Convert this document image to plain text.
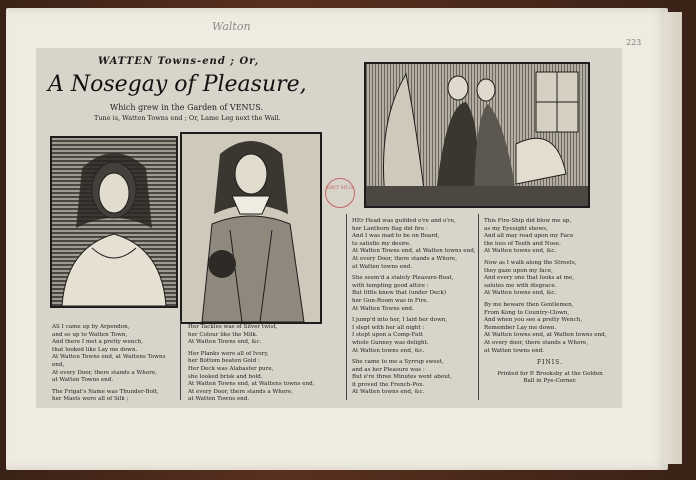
Walton
223
WATTEN Towns-end ; Or,
A Nosegay of Pleasure,
Which grew in the Garden of VENUS.
Tune is, Watten Towns end ; Or, Lame Leg next the Wall.
BRIT MUS

AS I came up by Arpendon,
and so up to Watten Town,
And there I met a pretty wench,
that looked like Lay me down.
At Watten Towns end, at Wattens Towns end,
At every Door, there stands a Whore,
at Watten Towns end.

The Frigat's Name was Thunder-Bolt,
her Masts were all of Silk ;

Her Tackles was of Silver twist,
her Colour like the Milk.
At Watten Towns end, &c.

Her Planks were all of Ivory,
her Bottom beaten Gold :
Her Deck was Alabaster pure,
she looked brisk and bold.
At Watten Towns end, at Wattens towns end,
At every Door, there stands a Whore,
at Watten Towns end.

HEr Head was guilded o're and o're,
her Lanthorn flag did fire :
And I was mad to be on Board,
to satisfie my desire.
At Watten Towns end, at Watten towns end,
At every Door, there stands a Whore,
at Watten towns end.

She seem'd a stately Pleasure-Boat,
with tempting good attire :
But little knew that (under Deck)
her Gun-Room was in Fire.
At Watten Towns end.

I jump'd into her, I laid her down,
I slept with her all night :
I stept upon a Comp-Fatt
whole Gunney was delight.
At Watten towns end, &c.

She came to me a Syrrup sweet,
and as her Pleasure was :
But e're three Minutes went about,
it proved the French-Pox.
At Watten towns end, &c.

This Fire-Ship did blow me up,
as my Eyesight shows,
And all may read upon my Face
the loss of Teeth and Nose.
At Watten towns end, &c.

Now as I walk along the Streets,
they gaze upon my face,
And every one that looks at me,
salutes me with disgrace.
At Watten towns end, &c.

By me beware then Gentlemen,
From Kong to Country-Clown,
And when you see a pretty Wench,
Remember Lay me down.
At Watten towns end, at Watten towns end,
At every door, there stands a Whore,
at Watten towns end.

FINIS.

Printed for P. Brooksby at the Golden
Ball in Pye-Corner.
